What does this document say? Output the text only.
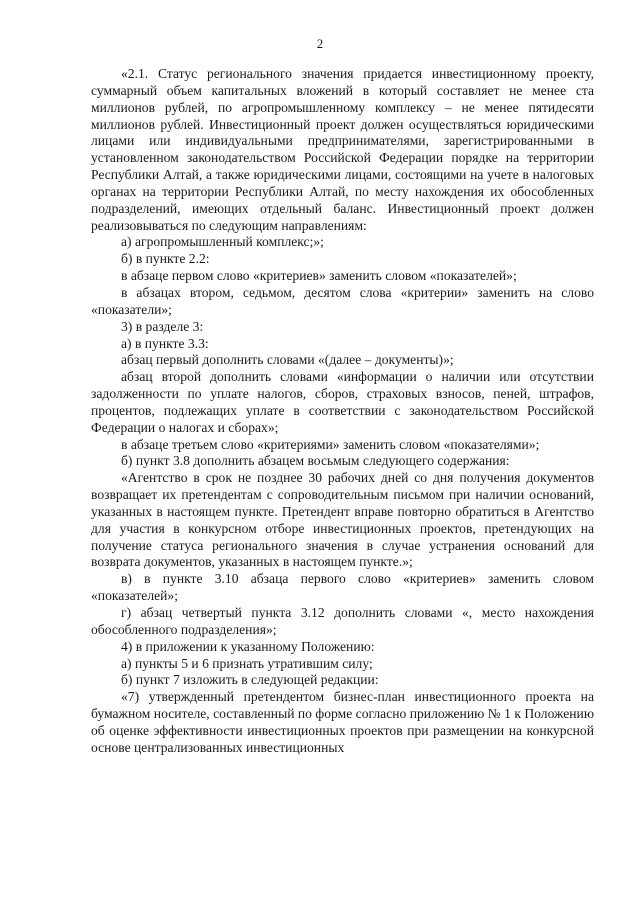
2

«2.1. Статус регионального значения придается инвестиционному проекту, суммарный объем капитальных вложений в который составляет не менее ста миллионов рублей, по агропромышленному комплексу – не менее пятидесяти миллионов рублей. Инвестиционный проект должен осуществляться юридическими лицами или индивидуальными предпринимателями, зарегистрированными в установленном законодательством Российской Федерации порядке на территории Республики Алтай, а также юридическими лицами, состоящими на учете в налоговых органах на территории Республики Алтай, по месту нахождения их обособленных подразделений, имеющих отдельный баланс. Инвестиционный проект должен реализовываться по следующим направлениям:

а) агропромышленный комплекс;»;

б) в пункте 2.2:

в абзаце первом слово «критериев» заменить словом «показателей»;

в абзацах втором, седьмом, десятом слова «критерии» заменить на слово «показатели»;

3) в разделе 3:

а) в пункте 3.3:

абзац первый дополнить словами «(далее – документы)»;

абзац второй дополнить словами «информации о наличии или отсутствии задолженности по уплате налогов, сборов, страховых взносов, пеней, штрафов, процентов, подлежащих уплате в соответствии с законодательством Российской Федерации о налогах и сборах»;

в абзаце третьем слово «критериями» заменить словом «показателями»;

б) пункт 3.8 дополнить абзацем восьмым следующего содержания:

«Агентство в срок не позднее 30 рабочих дней со дня получения документов возвращает их претендентам с сопроводительным письмом при наличии оснований, указанных в настоящем пункте. Претендент вправе повторно обратиться в Агентство для участия в конкурсном отборе инвестиционных проектов, претендующих на получение статуса регионального значения в случае устранения оснований для возврата документов, указанных в настоящем пункте.»;

в) в пункте 3.10 абзаца первого слово «критериев» заменить словом «показателей»;

г) абзац четвертый пункта 3.12 дополнить словами «, место нахождения обособленного подразделения»;

4) в приложении к указанному Положению:

а) пункты 5 и 6 признать утратившим силу;

б) пункт 7 изложить в следующей редакции:

«7) утвержденный претендентом бизнес-план инвестиционного проекта на бумажном носителе, составленный по форме согласно приложению № 1 к Положению об оценке эффективности инвестиционных проектов при размещении на конкурсной основе централизованных инвестиционных
